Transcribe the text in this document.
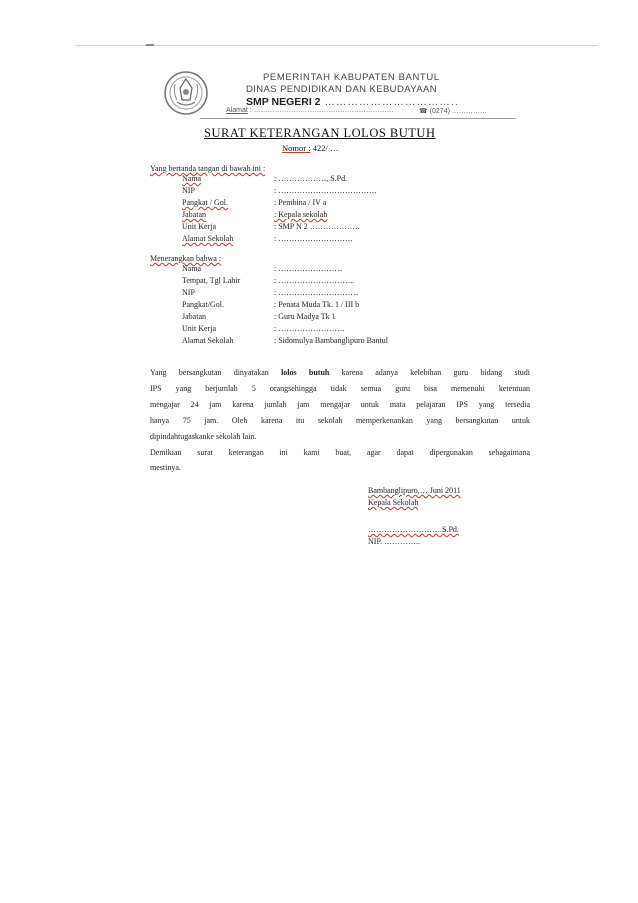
PEMERINTAH KABUPATEN BANTUL
DINAS PENDIDIKAN DAN KEBUDAYAAN
SMP NEGERI 2 ……………………………..
Alamat : ……………………………………………………	☎ (0274) ……………
SURAT KETERANGAN LOLOS BUTUH
Nomor : 422/ …
Yang bertanda tangan di bawah ini :
Nama	: ………………, S.Pd.
NIP	: ……………………………….
Pangkat / Gol.	: Pembina / IV a
Jabatan	: Kepala sekolah
Unit Kerja	: SMP N 2 ……………….
Alamat Sekolah	: ……………………….
Menerangkan bahwa :
Nama	: ……………………
Tempat, Tgl Lahir	: ………………………..
NIP	: …………………………
Pangkat/Gol.	: Penata Muda Tk. 1 / III b
Jabatan	: Guru Madya Tk 1
Unit Kerja	: …………………….
Alamat Sekolah	: Sidomulya Bambanglipuro Bantul
Yang bersangkutan dinyatakan lolos butuh karena adanya kelebihan guru bidang studi
IPS yang berjumlah 5 orangsehingga tidak semua guru bisa memenuhi ketentuan
mengajar 24 jam karena jumlah jam mengajar untuk mata pelajaran IPS yang tersedia
hanya 75 jam. Oleh karena itu sekolah memperkenankan yang bersangkutan untuk
dipindahtugaskanke sekolah lain.
Demikian surat keterangan ini kami buat, agar dapat dipergunakan sebagaimana
mestinya.
Bambanglipuro,… Juni 2011
Kepala Sekolah
……………………….S.Pd.
NIP. …………..
